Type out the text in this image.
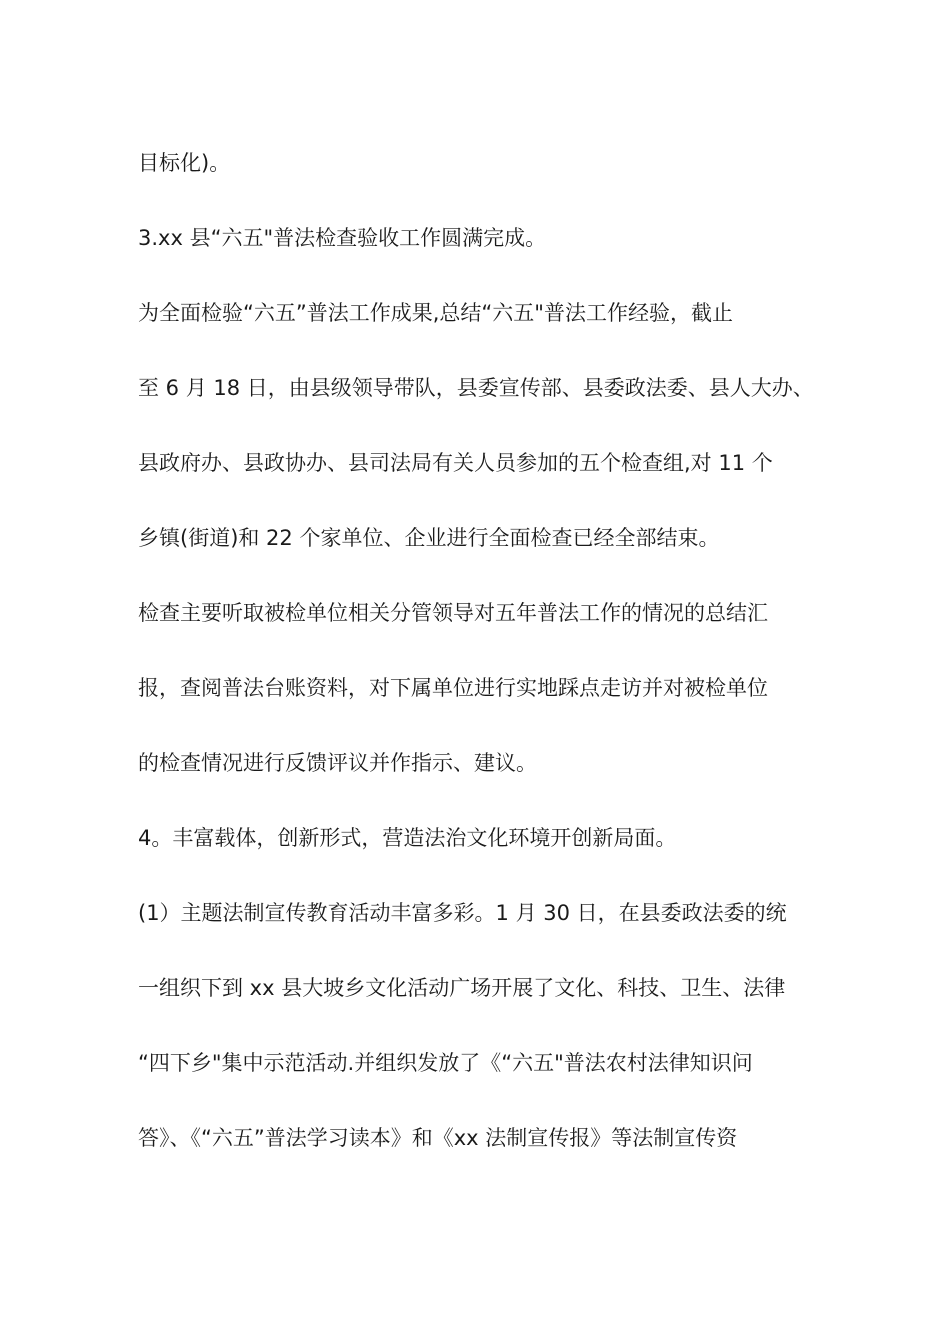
目标化)。
3.xx 县“六五"普法检查验收工作圆满完成。
为全面检验“六五”普法工作成果,总结“六五"普法工作经验，截止
至 6 月 18 日，由县级领导带队，县委宣传部、县委政法委、县人大办、
县政府办、县政协办、县司法局有关人员参加的五个检查组,对 11 个
乡镇(街道)和 22 个家单位、企业进行全面检查已经全部结束。
检查主要听取被检单位相关分管领导对五年普法工作的情况的总结汇
报，查阅普法台账资料，对下属单位进行实地踩点走访并对被检单位
的检查情况进行反馈评议并作指示、建议。
4。丰富载体，创新形式，营造法治文化环境开创新局面。
(1）主题法制宣传教育活动丰富多彩。1 月 30 日，在县委政法委的统
一组织下到 xx 县大坡乡文化活动广场开展了文化、科技、卫生、法律
“四下乡"集中示范活动.并组织发放了《“六五"普法农村法律知识问
答》、《“六五”普法学习读本》和《xx 法制宣传报》等法制宣传资
